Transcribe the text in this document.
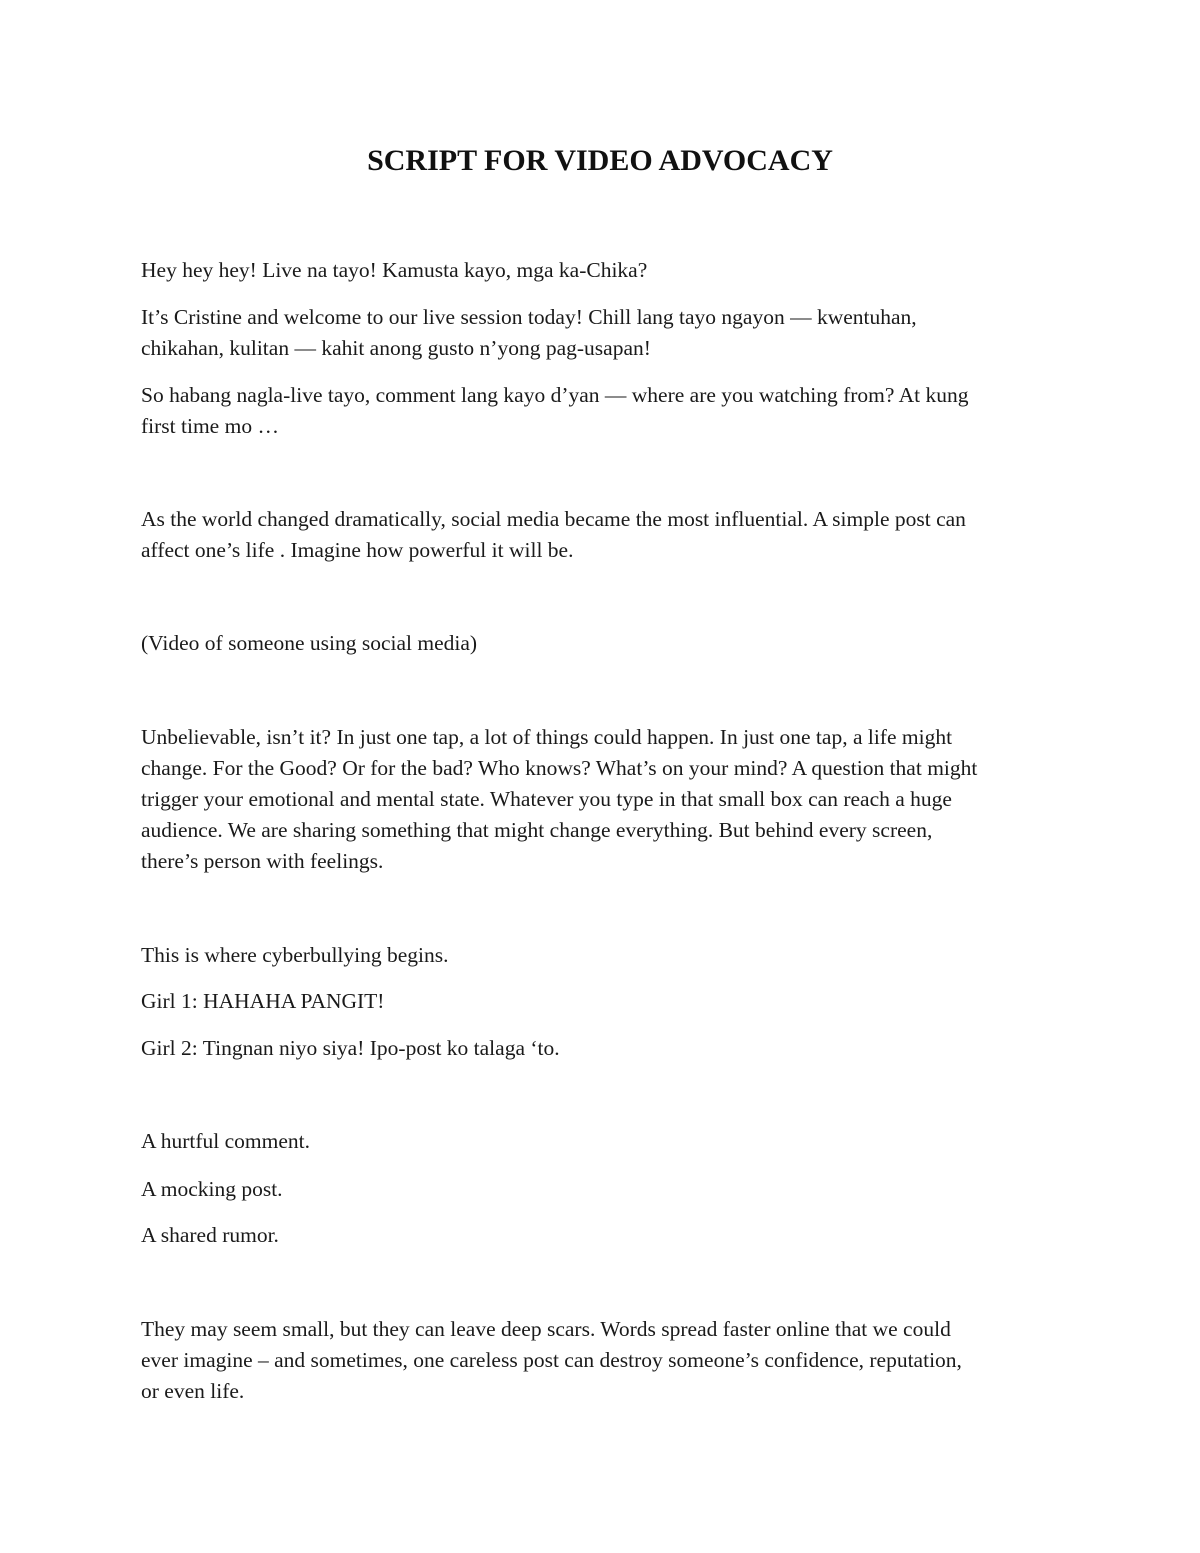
SCRIPT FOR VIDEO ADVOCACY

Hey hey hey! Live na tayo! Kamusta kayo, mga ka-Chika?

It’s Cristine and welcome to our live session today! Chill lang tayo ngayon — kwentuhan,
chikahan, kulitan — kahit anong gusto n’yong pag-usapan!

So habang nagla-live tayo, comment lang kayo d’yan — where are you watching from? At kung
first time mo …

As the world changed dramatically, social media became the most influential. A simple post can
affect one’s life . Imagine how powerful it will be.

(Video of someone using social media)

Unbelievable, isn’t it? In just one tap, a lot of things could happen. In just one tap, a life might
change. For the Good? Or for the bad? Who knows? What’s on your mind? A question that might
trigger your emotional and mental state. Whatever you type in that small box can reach a huge
audience. We are sharing something that might change everything. But behind every screen,
there’s person with feelings.

This is where cyberbullying begins.

Girl 1: HAHAHA PANGIT!

Girl 2: Tingnan niyo siya! Ipo-post ko talaga ‘to.

A hurtful comment.

A mocking post.

A shared rumor.

They may seem small, but they can leave deep scars. Words spread faster online that we could
ever imagine – and sometimes, one careless post can destroy someone’s confidence, reputation,
or even life.
